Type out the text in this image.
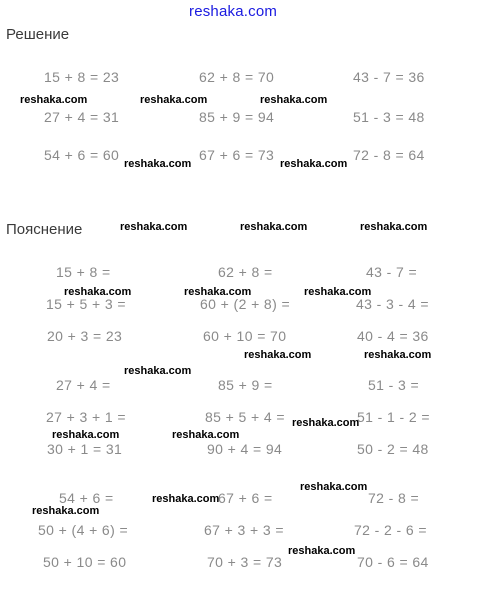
reshaka.com
Решение
15 + 8 = 23	62 + 8 = 70	43 - 7 = 36
27 + 4 = 31	85 + 9 = 94	51 - 3 = 48
54 + 6 = 60	67 + 6 = 73	72 - 8 = 64
Пояснение
15 + 8 =	62 + 8 =	43 - 7 =
15 + 5 + 3 =	60 + (2 + 8) =	43 - 3 - 4 =
20 + 3 = 23	60 + 10 = 70	40 - 4 = 36
27 + 4 =	85 + 9 =	51 - 3 =
27 + 3 + 1 =	85 + 5 + 4 =	51 - 1 - 2 =
30 + 1 = 31	90 + 4 = 94	50 - 2 = 48
54 + 6 =	67 + 6 =	72 - 8 =
50 + (4 + 6) =	67 + 3 + 3 =	72 - 2 - 6 =
50 + 10 = 60	70 + 3 = 73	70 - 6 = 64
reshaka.com	reshaka.com	reshaka.com
reshaka.com	reshaka.com
reshaka.com	reshaka.com	reshaka.com
reshaka.com	reshaka.com	reshaka.com
reshaka.com	reshaka.com
reshaka.com
reshaka.com
reshaka.com	reshaka.com
reshaka.com
reshaka.com
reshaka.com
reshaka.com
